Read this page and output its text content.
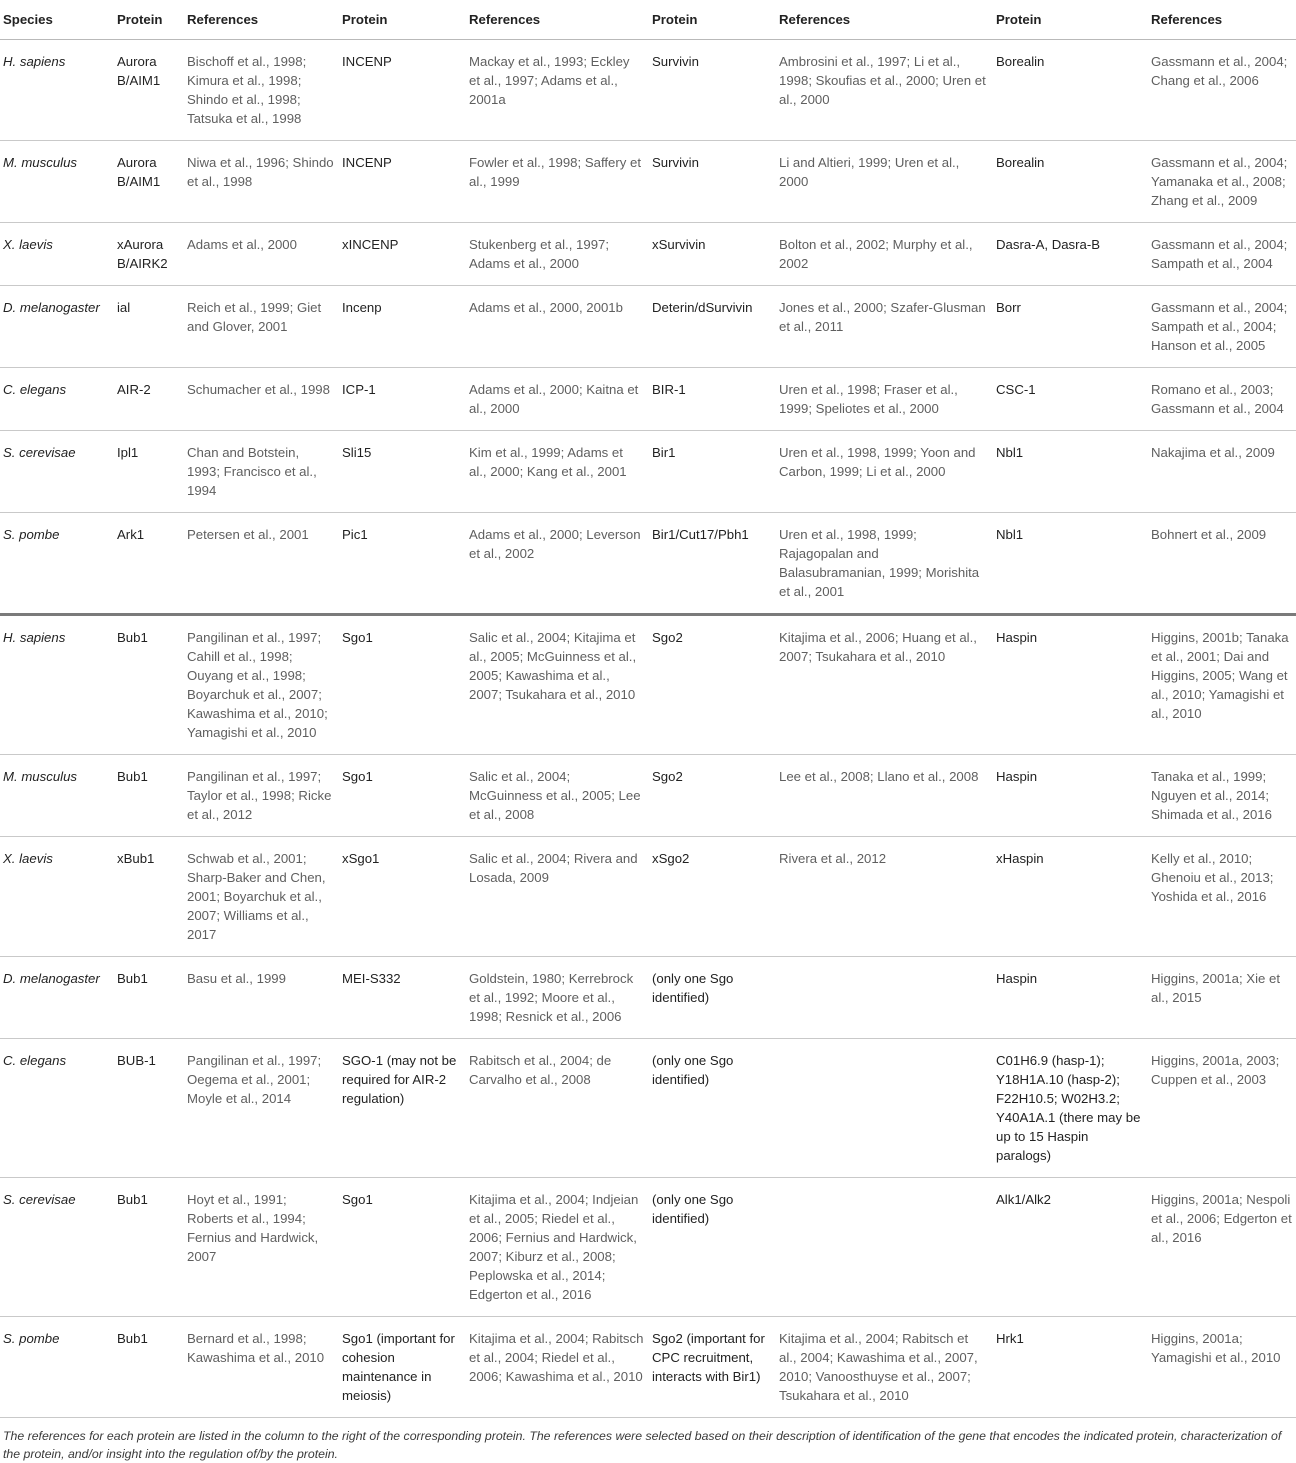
Species	Protein	References	Protein	References	Protein	References	Protein	References
H. sapiens	Aurora B/AIM1	Bischoff et al., 1998; Kimura et al., 1998; Shindo et al., 1998; Tatsuka et al., 1998	INCENP	Mackay et al., 1993; Eckley et al., 1997; Adams et al., 2001a	Survivin	Ambrosini et al., 1997; Li et al., 1998; Skoufias et al., 2000; Uren et al., 2000	Borealin	Gassmann et al., 2004; Chang et al., 2006
M. musculus	Aurora B/AIM1	Niwa et al., 1996; Shindo et al., 1998	INCENP	Fowler et al., 1998; Saffery et al., 1999	Survivin	Li and Altieri, 1999; Uren et al., 2000	Borealin	Gassmann et al., 2004; Yamanaka et al., 2008; Zhang et al., 2009
X. laevis	xAurora B/AIRK2	Adams et al., 2000	xINCENP	Stukenberg et al., 1997; Adams et al., 2000	xSurvivin	Bolton et al., 2002; Murphy et al., 2002	Dasra-A, Dasra-B	Gassmann et al., 2004; Sampath et al., 2004
D. melanogaster	ial	Reich et al., 1999; Giet and Glover, 2001	Incenp	Adams et al., 2000, 2001b	Deterin/dSurvivin	Jones et al., 2000; Szafer-Glusman et al., 2011	Borr	Gassmann et al., 2004; Sampath et al., 2004; Hanson et al., 2005
C. elegans	AIR-2	Schumacher et al., 1998	ICP-1	Adams et al., 2000; Kaitna et al., 2000	BIR-1	Uren et al., 1998; Fraser et al., 1999; Speliotes et al., 2000	CSC-1	Romano et al., 2003; Gassmann et al., 2004
S. cerevisae	Ipl1	Chan and Botstein, 1993; Francisco et al., 1994	Sli15	Kim et al., 1999; Adams et al., 2000; Kang et al., 2001	Bir1	Uren et al., 1998, 1999; Yoon and Carbon, 1999; Li et al., 2000	Nbl1	Nakajima et al., 2009
S. pombe	Ark1	Petersen et al., 2001	Pic1	Adams et al., 2000; Leverson et al., 2002	Bir1/Cut17/Pbh1	Uren et al., 1998, 1999; Rajagopalan and Balasubramanian, 1999; Morishita et al., 2001	Nbl1	Bohnert et al., 2009
H. sapiens	Bub1	Pangilinan et al., 1997; Cahill et al., 1998; Ouyang et al., 1998; Boyarchuk et al., 2007; Kawashima et al., 2010; Yamagishi et al., 2010	Sgo1	Salic et al., 2004; Kitajima et al., 2005; McGuinness et al., 2005; Kawashima et al., 2007; Tsukahara et al., 2010	Sgo2	Kitajima et al., 2006; Huang et al., 2007; Tsukahara et al., 2010	Haspin	Higgins, 2001b; Tanaka et al., 2001; Dai and Higgins, 2005; Wang et al., 2010; Yamagishi et al., 2010
M. musculus	Bub1	Pangilinan et al., 1997; Taylor et al., 1998; Ricke et al., 2012	Sgo1	Salic et al., 2004; McGuinness et al., 2005; Lee et al., 2008	Sgo2	Lee et al., 2008; Llano et al., 2008	Haspin	Tanaka et al., 1999; Nguyen et al., 2014; Shimada et al., 2016
X. laevis	xBub1	Schwab et al., 2001; Sharp-Baker and Chen, 2001; Boyarchuk et al., 2007; Williams et al., 2017	xSgo1	Salic et al., 2004; Rivera and Losada, 2009	xSgo2	Rivera et al., 2012	xHaspin	Kelly et al., 2010; Ghenoiu et al., 2013; Yoshida et al., 2016
D. melanogaster	Bub1	Basu et al., 1999	MEI-S332	Goldstein, 1980; Kerrebrock et al., 1992; Moore et al., 1998; Resnick et al., 2006	(only one Sgo identified)		Haspin	Higgins, 2001a; Xie et al., 2015
C. elegans	BUB-1	Pangilinan et al., 1997; Oegema et al., 2001; Moyle et al., 2014	SGO-1 (may not be required for AIR-2 regulation)	Rabitsch et al., 2004; de Carvalho et al., 2008	(only one Sgo identified)		C01H6.9 (hasp-1); Y18H1A.10 (hasp-2); F22H10.5; W02H3.2; Y40A1A.1 (there may be up to 15 Haspin paralogs)	Higgins, 2001a, 2003; Cuppen et al., 2003
S. cerevisae	Bub1	Hoyt et al., 1991; Roberts et al., 1994; Fernius and Hardwick, 2007	Sgo1	Kitajima et al., 2004; Indjeian et al., 2005; Riedel et al., 2006; Fernius and Hardwick, 2007; Kiburz et al., 2008; Peplowska et al., 2014; Edgerton et al., 2016	(only one Sgo identified)		Alk1/Alk2	Higgins, 2001a; Nespoli et al., 2006; Edgerton et al., 2016
S. pombe	Bub1	Bernard et al., 1998; Kawashima et al., 2010	Sgo1 (important for cohesion maintenance in meiosis)	Kitajima et al., 2004; Rabitsch et al., 2004; Riedel et al., 2006; Kawashima et al., 2010	Sgo2 (important for CPC recruitment, interacts with Bir1)	Kitajima et al., 2004; Rabitsch et al., 2004; Kawashima et al., 2007, 2010; Vanoosthuyse et al., 2007; Tsukahara et al., 2010	Hrk1	Higgins, 2001a; Yamagishi et al., 2010
The references for each protein are listed in the column to the right of the corresponding protein. The references were selected based on their description of identification of the gene that encodes the indicated protein, characterization of the protein, and/or insight into the regulation of/by the protein.
